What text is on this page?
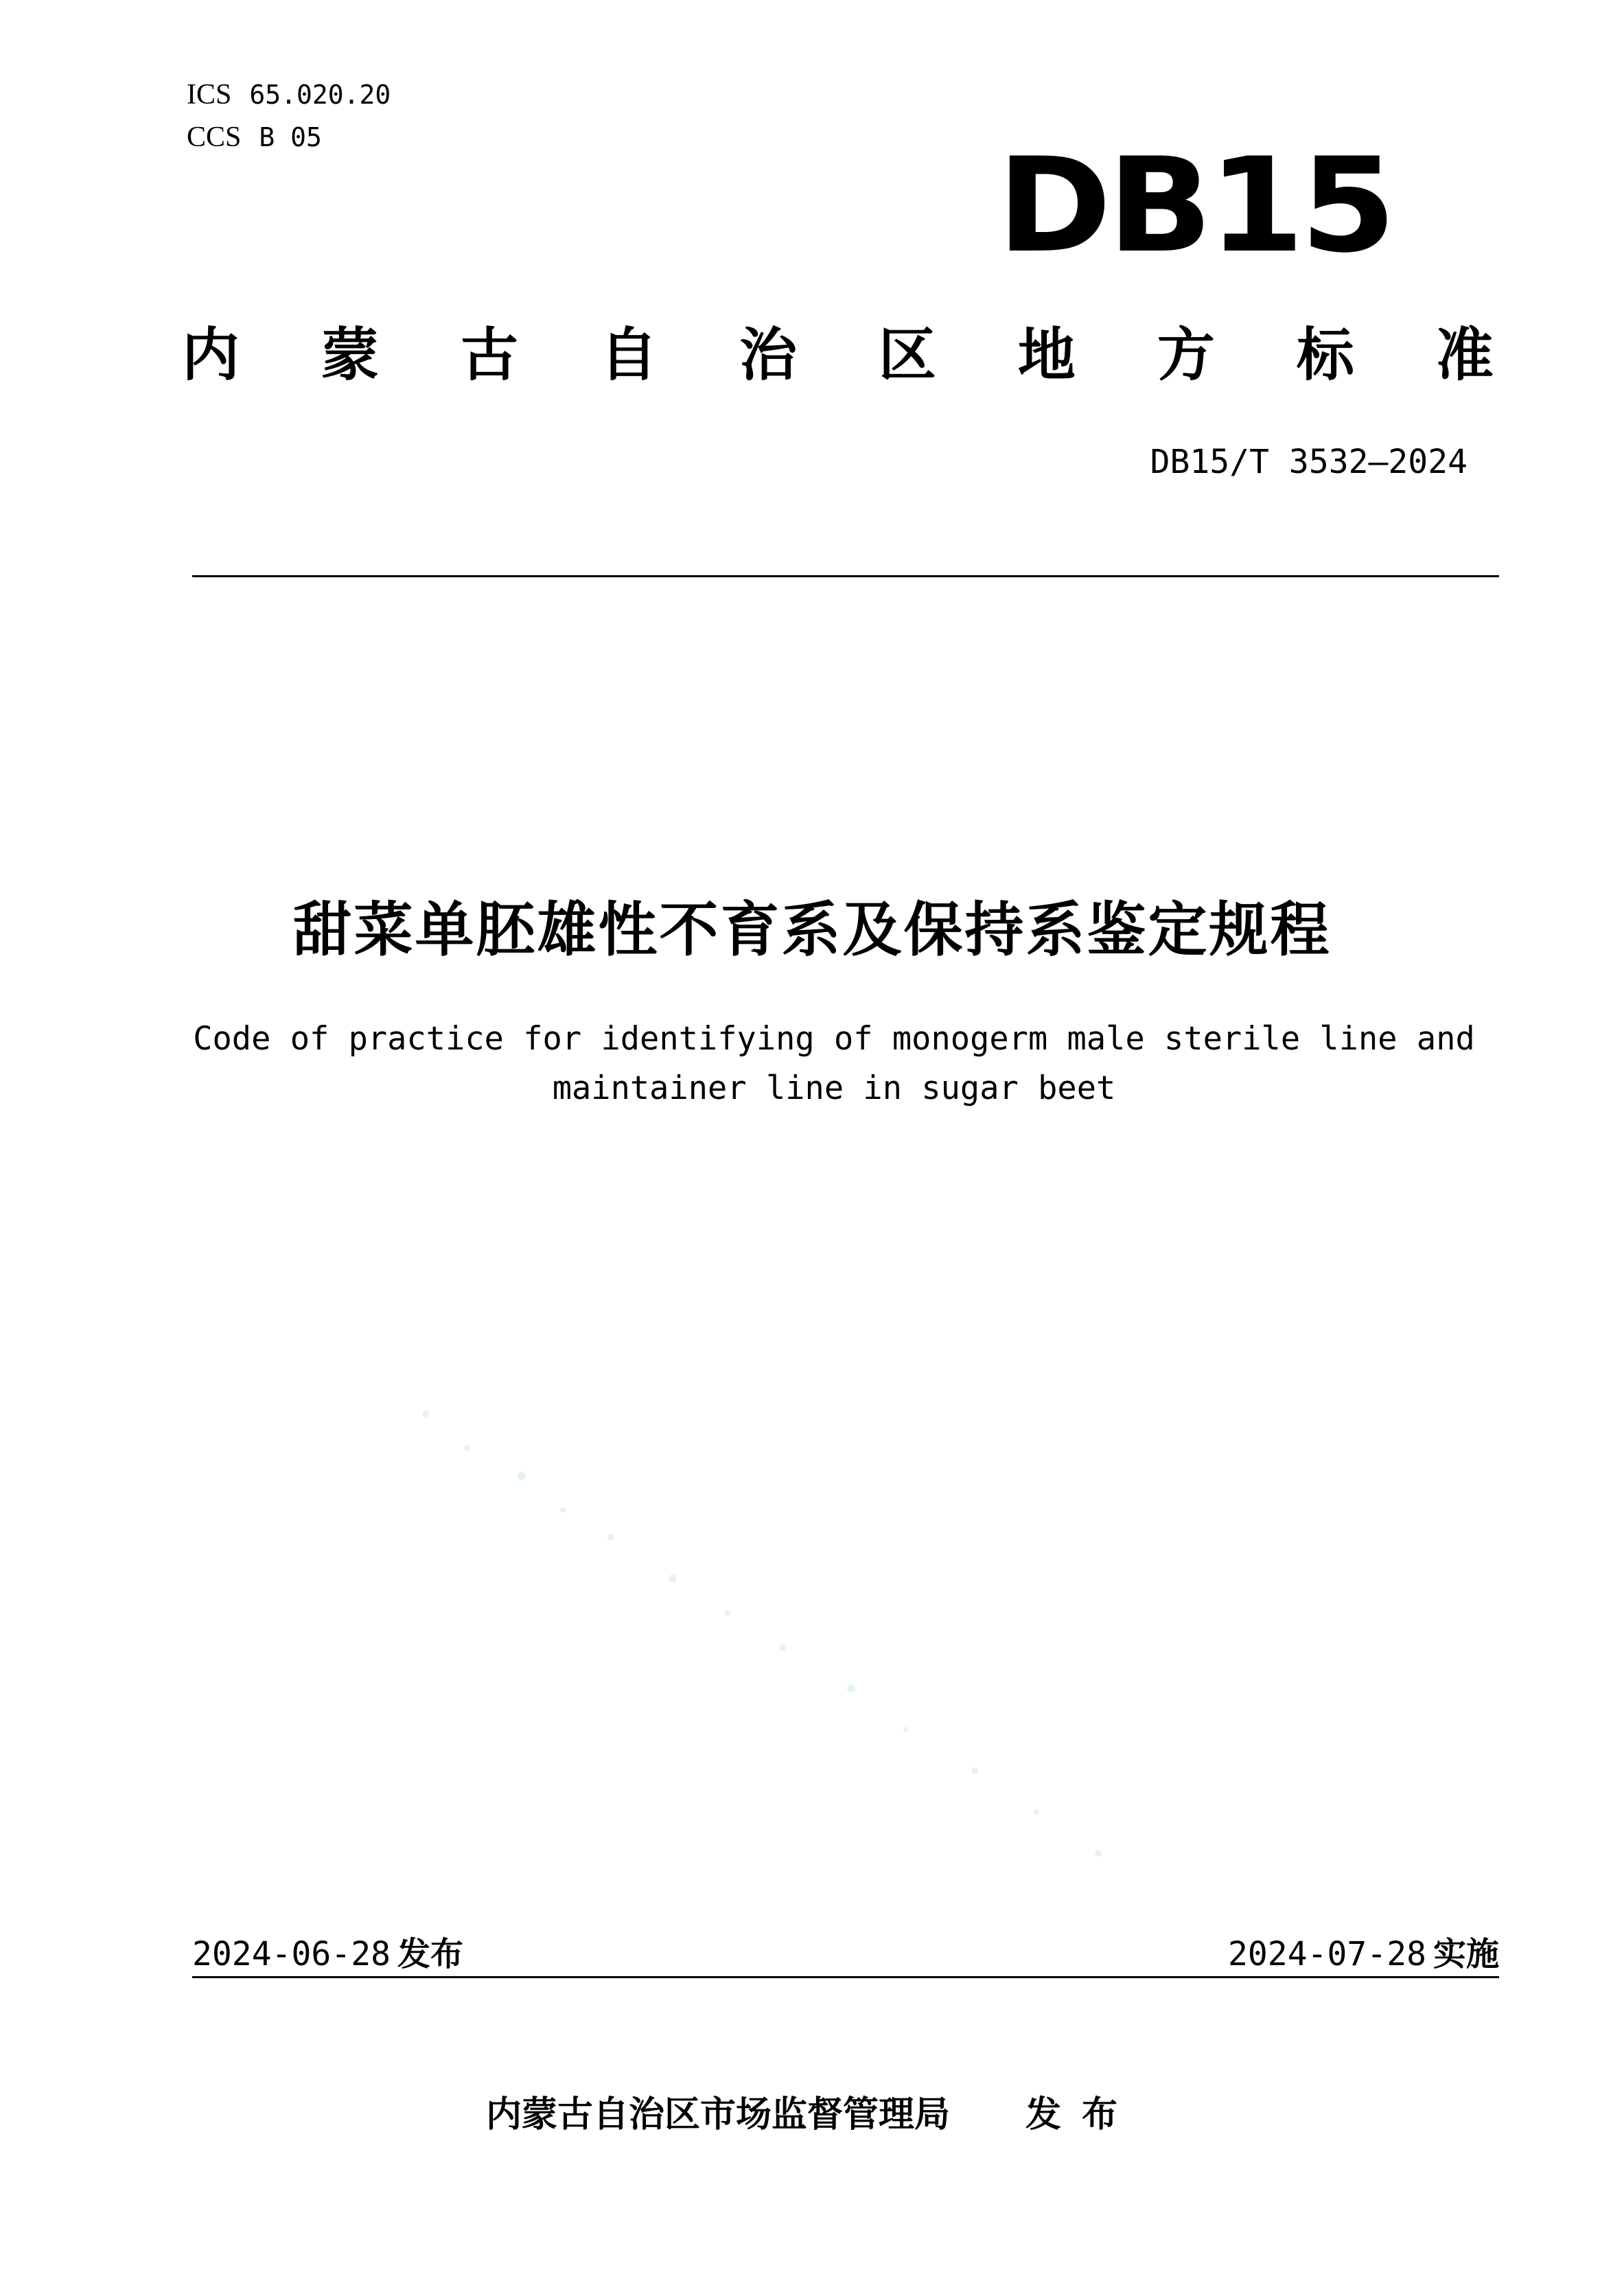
ICS 65.020.20
CCS B 05	DB15
内 蒙 古 自 治 区 地 方 标 准
DB15/T 3532—2024
甜菜单胚雄性不育系及保持系鉴定规程
Code of practice for identifying of monogerm male sterile line and
maintainer line in sugar beet
2024-06-28 发布	2024-07-28 实施
内蒙古自治区市场监督管理局 发布
